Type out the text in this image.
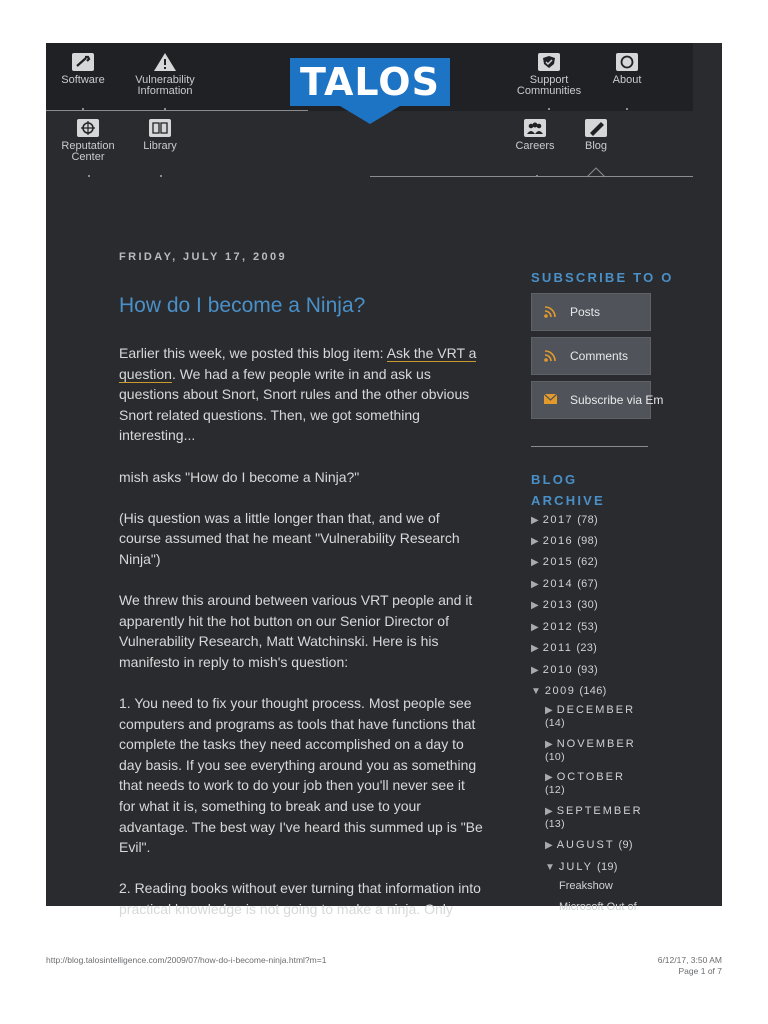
Software	Vulnerability Information
Reputation Center
Library
Support Communities
About
Careers	Blog
TALOS
FRIDAY, JULY 17, 2009
How do I become a Ninja?

Earlier this week, we posted this blog item: Ask the VRT a question. We had a few people write in and ask us questions about Snort, Snort rules and the other obvious Snort related questions. Then, we got something interesting...

mish asks "How do I become a Ninja?"

(His question was a little longer than that, and we of course assumed that he meant "Vulnerability Research Ninja")

We threw this around between various VRT people and it apparently hit the hot button on our Senior Director of Vulnerability Research, Matt Watchinski. Here is his manifesto in reply to mish's question:

1. You need to fix your thought process. Most people see computers and programs as tools that have functions that complete the tasks they need accomplished on a day to day basis. If you see everything around you as something that needs to work to do your job then you'll never see it for what it is, something to break and use to your advantage. The best way I've heard this summed up is "Be Evil".

2. Reading books without ever turning that information into practical knowledge is not going to make a ninja. Only

SUBSCRIBE TO O
Posts
Comments
Subscribe via Em
BLOG
ARCHIVE
▶ 2017 (78)
▶ 2016 (98)
▶ 2015 (62)
▶ 2014 (67)
▶ 2013 (30)
▶ 2012 (53)
▶ 2011 (23)
▶ 2010 (93)
▼ 2009 (146)
▶ DECEMBER
(14)
▶ NOVEMBER
(10)
▶ OCTOBER
(12)
▶ SEPTEMBER
(13)
▶ AUGUST (9)
▼ JULY (19)
Freakshow
Microsoft Out of
http://blog.talosintelligence.com/2009/07/how-do-i-become-ninja.html?m=1	6/12/17, 3:50 AM
Page 1 of 7
